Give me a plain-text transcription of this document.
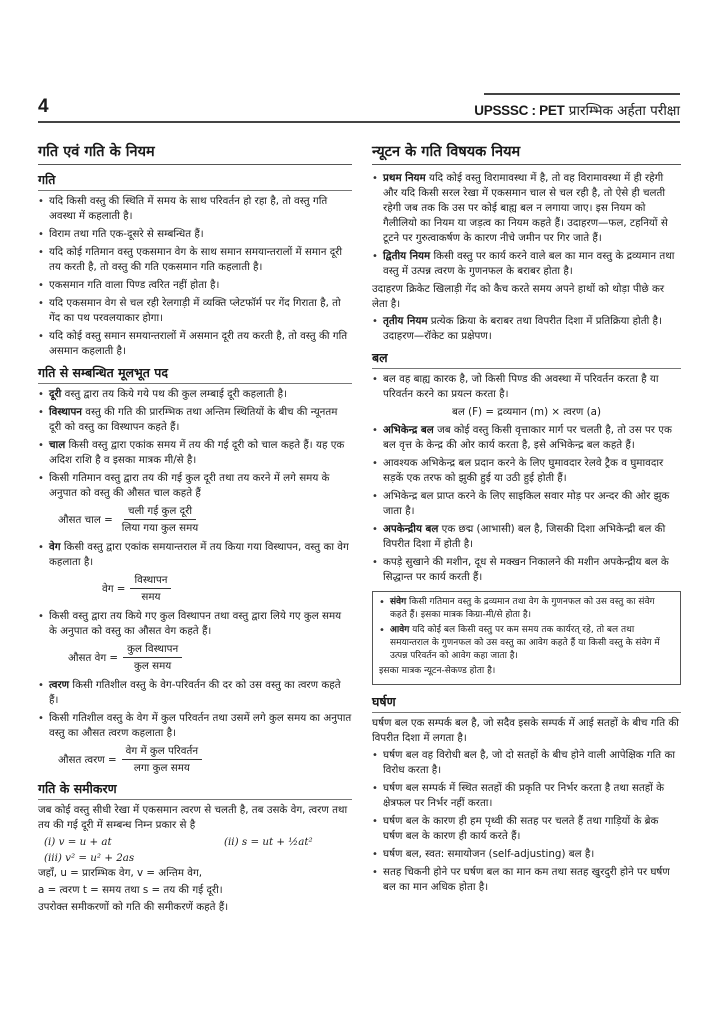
4	UPSSSC : PET प्रारम्भिक अर्हता परीक्षा
गति एवं गति के नियम
गति
• यदि किसी वस्तु की स्थिति में समय के साथ परिवर्तन हो रहा है, तो वस्तु गति अवस्था में कहलाती है।
• विराम तथा गति एक-दूसरे से सम्बन्धित हैं।
• यदि कोई गतिमान वस्तु एकसमान वेग के साथ समान समयान्तरालों में समान दूरी तय करती है, तो वस्तु की गति एकसमान गति कहलाती है।
• एकसमान गति वाला पिण्ड त्वरित नहीं होता है।
• यदि एकसमान वेग से चल रही रेलगाड़ी में व्यक्ति प्लेटफॉर्म पर गेंद गिराता है, तो गेंद का पथ परवलयाकार होगा।
• यदि कोई वस्तु समान समयान्तरालों में असमान दूरी तय करती है, तो वस्तु की गति असमान कहलाती है।
गति से सम्बन्धित मूलभूत पद
• दूरी वस्तु द्वारा तय किये गये पथ की कुल लम्बाई दूरी कहलाती है।
• विस्थापन वस्तु की गति की प्रारम्भिक तथा अन्तिम स्थितियों के बीच की न्यूनतम दूरी को वस्तु का विस्थापन कहते हैं।
• चाल किसी वस्तु द्वारा एकांक समय में तय की गई दूरी को चाल कहते हैं। यह एक अदिश राशि है व इसका मात्रक मी/से है।
• किसी गतिमान वस्तु द्वारा तय की गई कुल दूरी तथा तय करने में लगे समय के अनुपात को वस्तु की औसत चाल कहते हैं
औसत चाल = $\frac{\text{चली गई कुल दूरी}}{\text{लिया गया कुल समय}}$
• वेग किसी वस्तु द्वारा एकांक समयान्तराल में तय किया गया विस्थापन, वस्तु का वेग कहलाता है।
वेग = $\frac{\text{विस्थापन}}{\text{समय}}$
• किसी वस्तु द्वारा तय किये गए कुल विस्थापन तथा वस्तु द्वारा लिये गए कुल समय के अनुपात को वस्तु का औसत वेग कहते हैं।
औसत वेग = $\frac{\text{कुल विस्थापन}}{\text{कुल समय}}$
• त्वरण किसी गतिशील वस्तु के वेग-परिवर्तन की दर को उस वस्तु का त्वरण कहते हैं।
• किसी गतिशील वस्तु के वेग में कुल परिवर्तन तथा उसमें लगे कुल समय का अनुपात वस्तु का औसत त्वरण कहलाता है।
औसत त्वरण = $\frac{\text{वेग में कुल परिवर्तन}}{\text{लगा कुल समय}}$
गति के समीकरण

जब कोई वस्तु सीधी रेखा में एकसमान त्वरण से चलती है, तब उसके वेग, त्वरण तथा तय की गई दूरी में सम्बन्ध निम्न प्रकार से है

(i) v = u + at	(ii) s = ut + ½at²
(iii) v² = u² + 2as

जहाँ, u = प्रारम्भिक वेग, v = अन्तिम वेग,

a = त्वरण t = समय तथा s = तय की गई दूरी।

उपरोक्त समीकरणों को गति की समीकरणें कहते हैं।

न्यूटन के गति विषयक नियम
• प्रथम नियम यदि कोई वस्तु विरामावस्था में है, तो वह विरामावस्था में ही रहेगी और यदि किसी सरल रेखा में एकसमान चाल से चल रही है, तो ऐसे ही चलती रहेगी जब तक कि उस पर कोई बाह्य बल न लगाया जाए। इस नियम को गैलीलियो का नियम या जड़त्व का नियम कहते हैं। उदाहरण—फल, टहनियों से टूटने पर गुरुत्वाकर्षण के कारण नीचे जमीन पर गिर जाते हैं।
• द्वितीय नियम किसी वस्तु पर कार्य करने वाले बल का मान वस्तु के द्रव्यमान तथा वस्तु में उत्पन्न त्वरण के गुणनफल के बराबर होता है।

उदाहरण क्रिकेट खिलाड़ी गेंद को कैच करते समय अपने हाथों को थोड़ा पीछे कर लेता है।

• तृतीय नियम प्रत्येक क्रिया के बराबर तथा विपरीत दिशा में प्रतिक्रिया होती है। उदाहरण—रॉकेट का प्रक्षेपण।
बल
• बल वह बाह्य कारक है, जो किसी पिण्ड की अवस्था में परिवर्तन करता है या परिवर्तन करने का प्रयत्न करता है।
बल (F) = द्रव्यमान (m) × त्वरण (a)
• अभिकेन्द्र बल जब कोई वस्तु किसी वृत्ताकार मार्ग पर चलती है, तो उस पर एक बल वृत्त के केन्द्र की ओर कार्य करता है, इसे अभिकेन्द्र बल कहते हैं।
• आवश्यक अभिकेन्द्र बल प्रदान करने के लिए घुमावदार रेलवे ट्रैक व घुमावदार सड़कें एक तरफ को झुकी हुई या उठी हुई होती हैं।
• अभिकेन्द्र बल प्राप्त करने के लिए साइकिल सवार मोड़ पर अन्दर की ओर झुक जाता है।
• अपकेन्द्रीय बल एक छद्म (आभासी) बल है, जिसकी दिशा अभिकेन्द्री बल की विपरीत दिशा में होती है।
• कपड़े सुखाने की मशीन, दूध से मक्खन निकालने की मशीन अपकेन्द्रीय बल के सिद्धान्त पर कार्य करती हैं।
• संवेग किसी गतिमान वस्तु के द्रव्यमान तथा वेग के गुणनफल को उस वस्तु का संवेग कहते हैं। इसका मात्रक किग्रा-मी/से होता है।
• आवेग यदि कोई बल किसी वस्तु पर कम समय तक कार्यरत् रहे, तो बल तथा समयान्तराल के गुणनफल को उस वस्तु का आवेग कहते हैं या किसी वस्तु के संवेग में उत्पन्न परिवर्तन को आवेग कहा जाता है।

इसका मात्रक न्यूटन-सेकण्ड होता है।

घर्षण

घर्षण बल एक सम्पर्क बल है, जो सदैव इसके सम्पर्क में आई सतहों के बीच गति की विपरीत दिशा में लगता है।

• घर्षण बल वह विरोधी बल है, जो दो सतहों के बीच होने वाली आपेक्षिक गति का विरोध करता है।
• घर्षण बल सम्पर्क में स्थित सतहों की प्रकृति पर निर्भर करता है तथा सतहों के क्षेत्रफल पर निर्भर नहीं करता।
• घर्षण बल के कारण ही हम पृथ्वी की सतह पर चलते हैं तथा गाड़ियों के ब्रेक घर्षण बल के कारण ही कार्य करते हैं।
• घर्षण बल, स्वत: समायोजन (self-adjusting) बल है।
• सतह चिकनी होने पर घर्षण बल का मान कम तथा सतह खुरदुरी होने पर घर्षण बल का मान अधिक होता है।
